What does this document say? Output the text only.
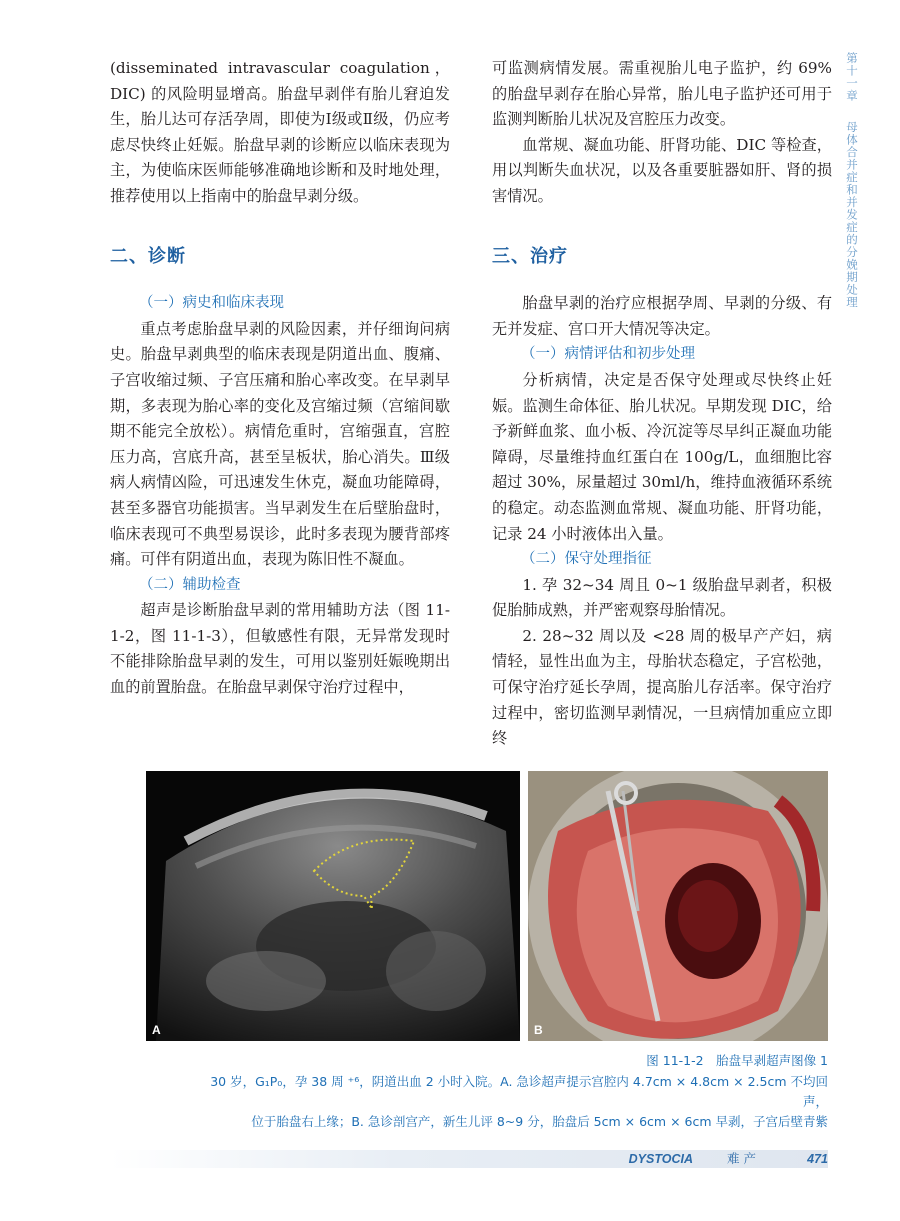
(disseminated intravascular coagulation，DIC) 的风险明显增高。胎盘早剥伴有胎儿窘迫发生，胎儿达可存活孕周，即使为Ⅰ级或Ⅱ级，仍应考虑尽快终止妊娠。胎盘早剥的诊断应以临床表现为主，为使临床医师能够准确地诊断和及时地处理，推荐使用以上指南中的胎盘早剥分级。

二、诊断
（一）病史和临床表现

重点考虑胎盘早剥的风险因素，并仔细询问病史。胎盘早剥典型的临床表现是阴道出血、腹痛、子宫收缩过频、子宫压痛和胎心率改变。在早剥早期，多表现为胎心率的变化及宫缩过频（宫缩间歇期不能完全放松）。病情危重时，宫缩强直，宫腔压力高，宫底升高，甚至呈板状，胎心消失。Ⅲ级病人病情凶险，可迅速发生休克，凝血功能障碍，甚至多器官功能损害。当早剥发生在后壁胎盘时，临床表现可不典型易误诊，此时多表现为腰背部疼痛。可伴有阴道出血，表现为陈旧性不凝血。

（二）辅助检查

超声是诊断胎盘早剥的常用辅助方法（图 11-1-2，图 11-1-3），但敏感性有限，无异常发现时不能排除胎盘早剥的发生，可用以鉴别妊娠晚期出血的前置胎盘。在胎盘早剥保守治疗过程中，

可监测病情发展。需重视胎儿电子监护，约 69% 的胎盘早剥存在胎心异常，胎儿电子监护还可用于监测判断胎儿状况及宫腔压力改变。

血常规、凝血功能、肝肾功能、DIC 等检查，用以判断失血状况，以及各重要脏器如肝、肾的损害情况。

三、治疗

胎盘早剥的治疗应根据孕周、早剥的分级、有无并发症、宫口开大情况等决定。

（一）病情评估和初步处理

分析病情，决定是否保守处理或尽快终止妊娠。监测生命体征、胎儿状况。早期发现 DIC，给予新鲜血浆、血小板、冷沉淀等尽早纠正凝血功能障碍，尽量维持血红蛋白在 100g/L，血细胞比容超过 30%，尿量超过 30ml/h，维持血液循环系统的稳定。动态监测血常规、凝血功能、肝肾功能，记录 24 小时液体出入量。

（二）保守处理指征

1. 孕 32~34 周且 0~1 级胎盘早剥者，积极促胎肺成熟，并严密观察母胎情况。

2. 28~32 周以及 <28 周的极早产产妇，病情轻，显性出血为主，母胎状态稳定，子宫松弛，可保守治疗延长孕周，提高胎儿存活率。保守治疗过程中，密切监测早剥情况，一旦病情加重应立即终

第十一章 母体合并症和并发症的分娩期处理
A	B
图 11-1-2　胎盘早剥超声图像 1
30 岁，G₁P₀，孕 38 周 ⁺⁶，阴道出血 2 小时入院。A. 急诊超声提示宫腔内 4.7cm × 4.8cm × 2.5cm 不均回声，
位于胎盘右上缘；B. 急诊剖宫产，新生儿评 8~9 分，胎盘后 5cm × 6cm × 6cm 早剥，子宫后壁青紫
DYSTOCIA	难 产	471
